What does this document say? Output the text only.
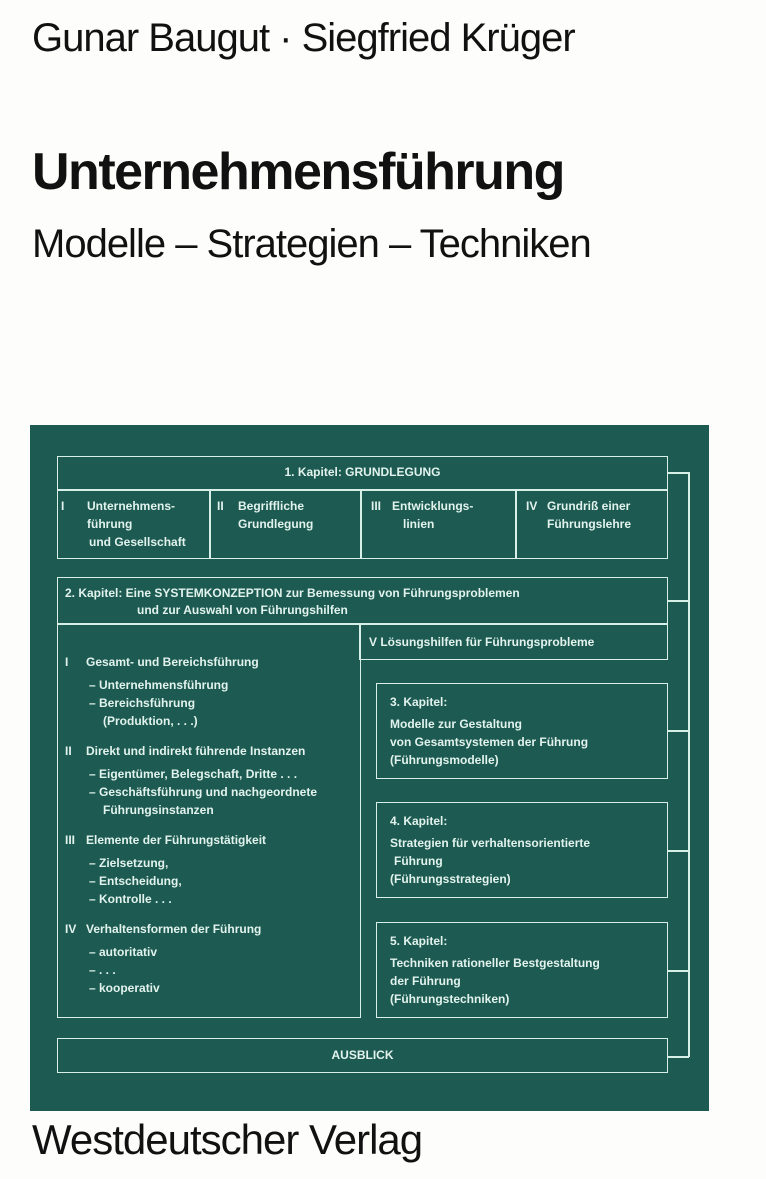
Gunar Baugut · Siegfried Krüger
Unternehmensführung
Modelle – Strategien – Techniken
1. Kapitel: GRUNDLEGUNG
I Unternehmens-
führung
und Gesellschaft
II Begriffliche
Grundlegung
III Entwicklungs-
linien
IV Grundriß einer
Führungslehre
2. Kapitel: Eine SYSTEMKONZEPTION zur Bemessung von Führungsproblemen
und zur Auswahl von Führungshilfen
V Lösungshilfen für Führungsprobleme
I Gesamt- und Bereichsführung
– Unternehmensführung
– Bereichsführung
(Produktion, . . .)
II Direkt und indirekt führende Instanzen
– Eigentümer, Belegschaft, Dritte . . .
– Geschäftsführung und nachgeordnete
Führungsinstanzen
III Elemente der Führungstätigkeit
– Zielsetzung,
– Entscheidung,
– Kontrolle . . .
IV Verhaltensformen der Führung
– autoritativ
– . . .
– kooperativ
3. Kapitel:
Modelle zur Gestaltung
von Gesamtsystemen der Führung
(Führungsmodelle)
4. Kapitel:
Strategien für verhaltensorientierte
Führung
(Führungsstrategien)
5. Kapitel:
Techniken rationeller Bestgestaltung
der Führung
(Führungstechniken)
AUSBLICK
Westdeutscher Verlag
